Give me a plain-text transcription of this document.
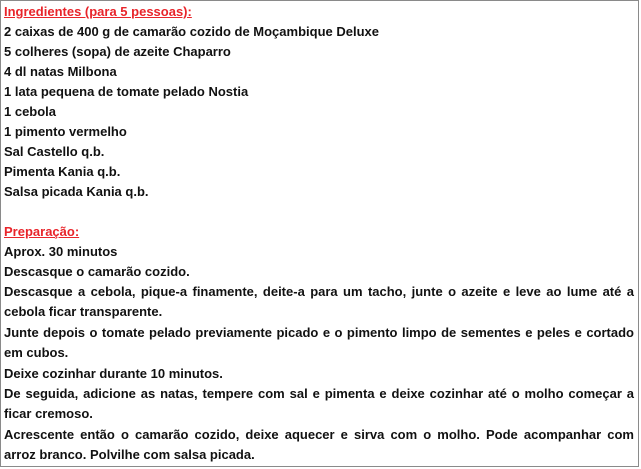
Ingredientes (para 5 pessoas):
2 caixas de 400 g de camarão cozido de Moçambique Deluxe
5 colheres (sopa) de azeite Chaparro
4 dl natas Milbona
1 lata pequena de tomate pelado Nostia
1 cebola
1 pimento vermelho
Sal Castello q.b.
Pimenta Kania q.b.
Salsa picada Kania q.b.
Preparação:
Aprox. 30 minutos
Descasque o camarão cozido.
Descasque a cebola, pique-a finamente, deite-a para um tacho, junte o azeite e leve ao lume até a cebola ficar transparente.
Junte depois o tomate pelado previamente picado e o pimento limpo de sementes e peles e cortado em cubos.
Deixe cozinhar durante 10 minutos.
De seguida, adicione as natas, tempere com sal e pimenta e deixe cozinhar até o molho começar a ficar cremoso.
Acrescente então o camarão cozido, deixe aquecer e sirva com o molho. Pode acompanhar com arroz branco. Polvilhe com salsa picada.
